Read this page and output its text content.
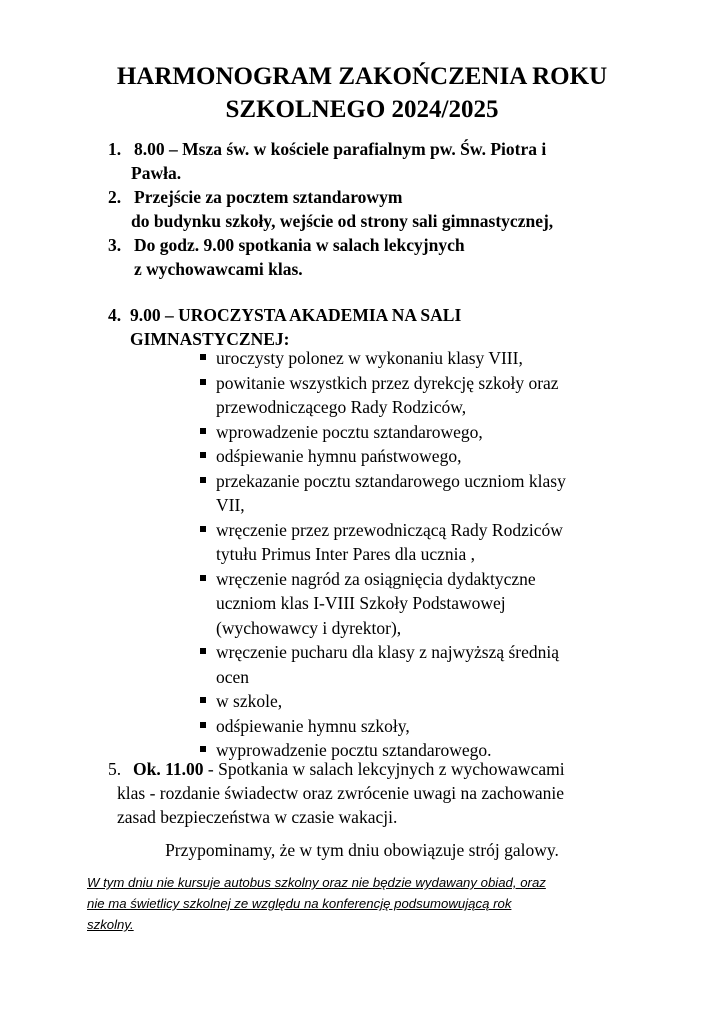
HARMONOGRAM ZAKOŃCZENIA ROKU
SZKOLNEGO 2024/2025
1. 8.00 – Msza św. w kościele parafialnym pw. Św. Piotra i
Pawła.
2. Przejście za pocztem sztandarowym
do budynku szkoły, wejście od strony sali gimnastycznej,
3. Do godz. 9.00 spotkania w salach lekcyjnych
z wychowawcami klas.
4. 9.00 – UROCZYSTA AKADEMIA NA SALI
GIMNASTYCZNEJ:
uroczysty polonez w wykonaniu klasy VIII,
powitanie wszystkich przez dyrekcję szkoły oraz
przewodniczącego Rady Rodziców,
wprowadzenie pocztu sztandarowego,
odśpiewanie hymnu państwowego,
przekazanie pocztu sztandarowego uczniom klasy
VII,
wręczenie przez przewodniczącą Rady Rodziców
tytułu Primus Inter Pares dla ucznia ,
wręczenie nagród za osiągnięcia dydaktyczne
uczniom klas I-VIII Szkoły Podstawowej
(wychowawcy i dyrektor),
wręczenie pucharu dla klasy z najwyższą średnią
ocen
w szkole,
odśpiewanie hymnu szkoły,
wyprowadzenie pocztu sztandarowego.
5. Ok. 11.00 - Spotkania w salach lekcyjnych z wychowawcami
klas - rozdanie świadectw oraz zwrócenie uwagi na zachowanie
zasad bezpieczeństwa w czasie wakacji.
Przypominamy, że w tym dniu obowiązuje strój galowy.
W tym dniu nie kursuje autobus szkolny oraz nie będzie wydawany obiad, oraz
nie ma świetlicy szkolnej ze względu na konferencję podsumowującą rok
szkolny.
